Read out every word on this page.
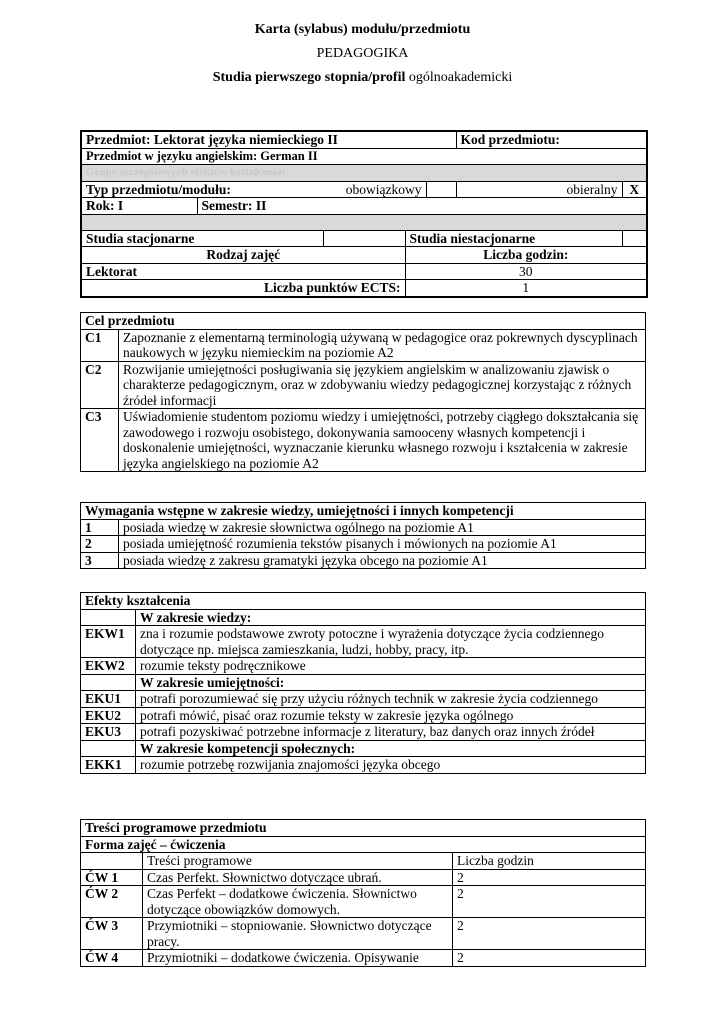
Karta (sylabus) modułu/przedmiotu
PEDAGOGIKA
Studia pierwszego stopnia/profil ogólnoakademicki
Przedmiot: Lektorat języka niemieckiego II					Kod przedmiotu:	
Przedmiot w języku angielskim: German II						
Grupy szczegółowych efektów kształcenia:						
Typ przedmiotu/modułu:		obowiązkowy			obieralny	X
Rok: I	Semestr: II					

Studia stacjonarne			Studia niestacjonarne			
Rodzaj zajęć			Liczba godzin:			
Lektorat			30			
Liczba punktów ECTS:			1			
Cel przedmiotu	
C1	Zapoznanie z elementarną terminologią używaną w pedagogice oraz pokrewnych dyscyplinach naukowych w języku niemieckim na poziomie A2
C2	Rozwijanie umiejętności posługiwania się językiem angielskim w analizowaniu zjawisk o charakterze pedagogicznym, oraz w zdobywaniu wiedzy pedagogicznej korzystając z różnych źródeł informacji
C3	Uświadomienie studentom poziomu wiedzy i umiejętności, potrzeby ciągłego dokształcania się zawodowego i rozwoju osobistego, dokonywania samooceny własnych kompetencji i doskonalenie umiejętności, wyznaczanie kierunku własnego rozwoju i kształcenia w zakresie języka angielskiego na poziomie A2
Wymagania wstępne w zakresie wiedzy, umiejętności i innych kompetencji	
1	posiada wiedzę w zakresie słownictwa ogólnego na poziomie A1
2	posiada umiejętność rozumienia tekstów pisanych i mówionych na poziomie A1
3	posiada wiedzę z zakresu gramatyki języka obcego na poziomie A1
Efekty kształcenia	
	W zakresie wiedzy:
EKW1	zna i rozumie podstawowe zwroty potoczne i wyrażenia dotyczące życia codziennego dotyczące np. miejsca zamieszkania, ludzi, hobby, pracy, itp.
EKW2	rozumie teksty podręcznikowe
	W zakresie umiejętności:
EKU1	potrafi porozumiewać się przy użyciu różnych technik w zakresie życia codziennego
EKU2	potrafi mówić, pisać oraz rozumie teksty w zakresie języka ogólnego
EKU3	potrafi pozyskiwać potrzebne informacje z literatury, baz danych oraz innych źródeł
	W zakresie kompetencji społecznych:
EKK1	rozumie potrzebę rozwijania znajomości języka obcego
Treści programowe przedmiotu		
Forma zajęć – ćwiczenia		
	Treści programowe	Liczba godzin
ĆW 1	Czas Perfekt. Słownictwo dotyczące ubrań.	2
ĆW 2	Czas Perfekt – dodatkowe ćwiczenia. Słownictwo dotyczące obowiązków domowych.	2
ĆW 3	Przymiotniki – stopniowanie. Słownictwo dotyczące pracy.	2
ĆW 4	Przymiotniki – dodatkowe ćwiczenia. Opisywanie	2
